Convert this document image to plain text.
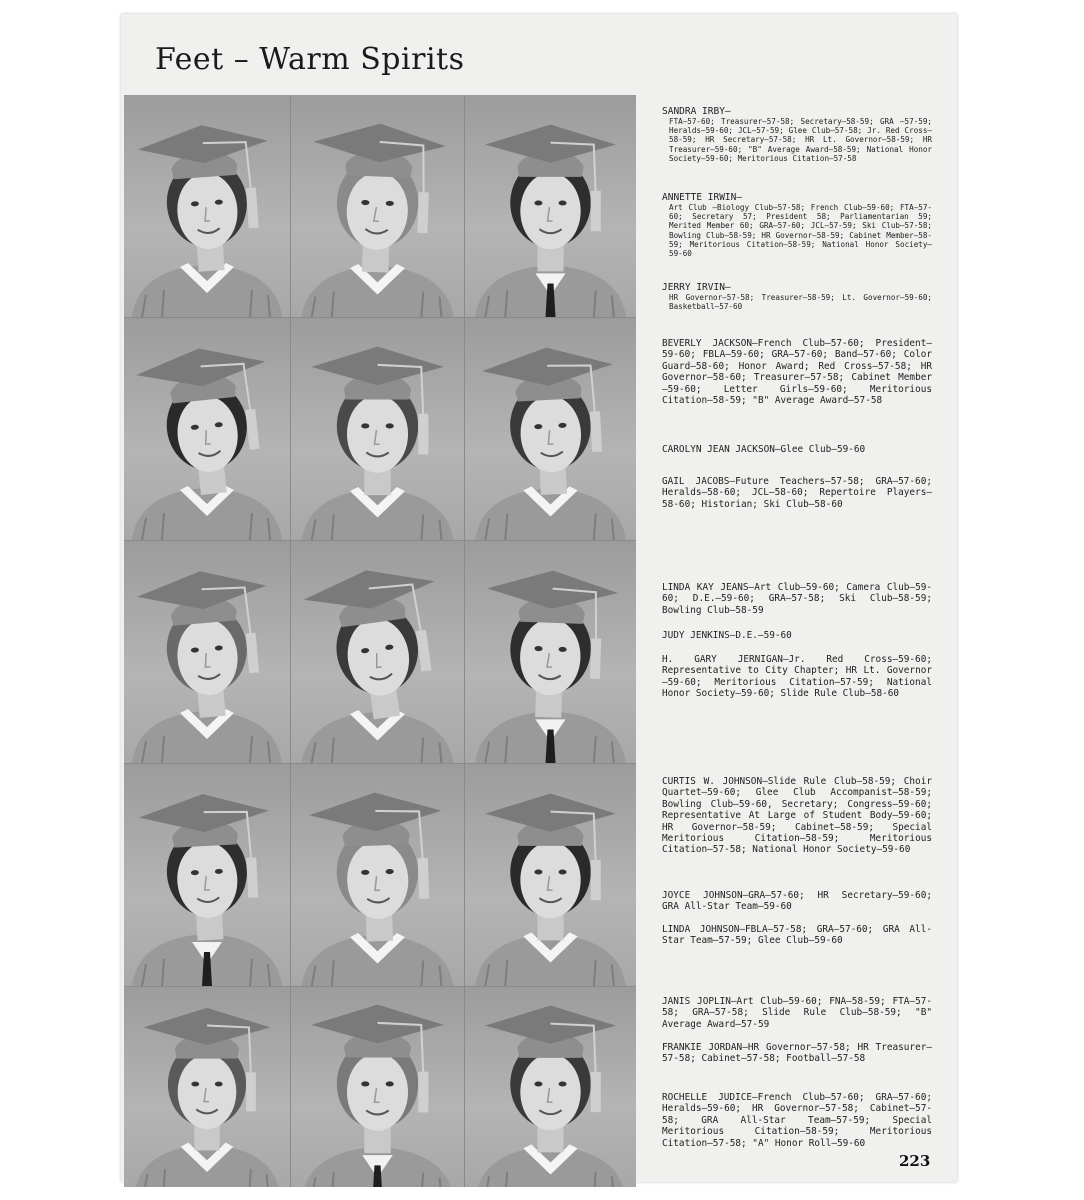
Feet – Warm Spirits
SANDRA IRBY—
FTA—57-60; Treasurer—57-58; Secretary—58-59; GRA —57-59; Heralds—59-60; JCL—57-59; Glee Club—57-58; Jr. Red Cross—58-59; HR Secretary—57-58; HR Lt. Governor—58-59; HR Treasurer—59-60; "B" Average Award—58-59; National Honor Society—59-60; Meritorious Citation—57-58
ANNETTE IRWIN—
Art Club —Biology Club—57-58; French Club—59-60; FTA—57-60; Secretary 57; President 58; Parliamentarian 59; Merited Member 60; GRA—57-60; JCL—57-59; Ski Club—57-58; Bowling Club—58-59; HR Governor—58-59; Cabinet Member—58-59; Meritorious Citation—58-59; National Honor Society—59-60
JERRY IRVIN—
HR Governor—57-58; Treasurer—58-59; Lt. Governor—59-60; Basketball—57-60
BEVERLY JACKSON—French Club—57-60; President—59-60; FBLA—59-60; GRA—57-60; Band—57-60; Color Guard—58-60; Honor Award; Red Cross—57-58; HR Governor—58-60; Treasurer—57-58; Cabinet Member—59-60; Letter Girls—59-60; Meritorious Citation—58-59; "B" Average Award—57-58
CAROLYN JEAN JACKSON—Glee Club—59-60
GAIL JACOBS—Future Teachers—57-58; GRA—57-60; Heralds—58-60; JCL—58-60; Repertoire Players—58-60; Historian; Ski Club—58-60
LINDA KAY JEANS—Art Club—59-60; Camera Club—59-60; D.E.—59-60; GRA—57-58; Ski Club—58-59; Bowling Club—58-59
JUDY JENKINS—D.E.—59-60
H. GARY JERNIGAN—Jr. Red Cross—59-60; Representative to City Chapter; HR Lt. Governor—59-60; Meritorious Citation—57-59; National Honor Society—59-60; Slide Rule Club—58-60
CURTIS W. JOHNSON—Slide Rule Club—58-59; Choir Quartet—59-60; Glee Club Accompanist—58-59; Bowling Club—59-60, Secretary; Congress—59-60; Representative At Large of Student Body—59-60; HR Governor—58-59; Cabinet—58-59; Special Meritorious Citation—58-59; Meritorious Citation—57-58; National Honor Society—59-60
JOYCE JOHNSON—GRA—57-60; HR Secretary—59-60; GRA All-Star Team—59-60
LINDA JOHNSON—FBLA—57-58; GRA—57-60; GRA All-Star Team—57-59; Glee Club—59-60
JANIS JOPLIN—Art Club—59-60; FNA—58-59; FTA—57-58; GRA—57-58; Slide Rule Club—58-59; "B" Average Award—57-59
FRANKIE JORDAN—HR Governor—57-58; HR Treasurer—57-58; Cabinet—57-58; Football—57-58
ROCHELLE JUDICE—French Club—57-60; GRA—57-60; Heralds—59-60; HR Governor—57-58; Cabinet—57-58; GRA All-Star Team—57-59; Special Meritorious Citation—58-59; Meritorious Citation—57-58; "A" Honor Roll—59-60
223
